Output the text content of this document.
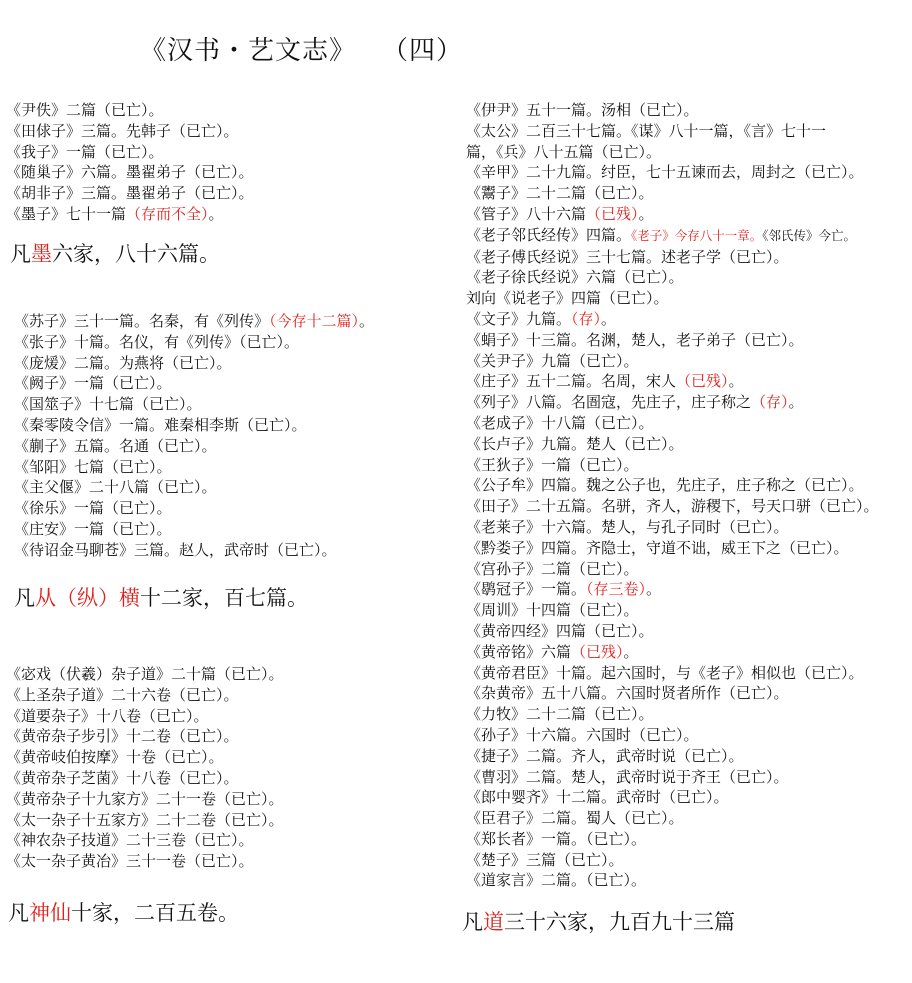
《汉书・艺文志》 （四）
《尹佚》二篇（已亡）。
《田俅子》三篇。先韩子（已亡）。
《我子》一篇（已亡）。
《随巢子》六篇。墨翟弟子（已亡）。
《胡非子》三篇。墨翟弟子（已亡）。
《墨子》七十一篇（存而不全）。
凡墨六家，八十六篇。
《苏子》三十一篇。名秦，有《列传》（今存十二篇）。
《张子》十篇。名仪，有《列传》（已亡）。
《庞煖》二篇。为燕将（已亡）。
《阙子》一篇（已亡）。
《国筮子》十七篇（已亡）。
《秦零陵令信》一篇。难秦相李斯（已亡）。
《蒯子》五篇。名通（已亡）。
《邹阳》七篇（已亡）。
《主父偃》二十八篇（已亡）。
《徐乐》一篇（已亡）。
《庄安》一篇（已亡）。
《待诏金马聊苍》三篇。赵人，武帝时（已亡）。
凡从（纵）横十二家，百七篇。
《宓戏（伏羲）杂子道》二十篇（已亡）。
《上圣杂子道》二十六卷（已亡）。
《道要杂子》十八卷（已亡）。
《黄帝杂子步引》十二卷（已亡）。
《黄帝岐伯按摩》十卷（已亡）。
《黄帝杂子芝菌》十八卷（已亡）。
《黄帝杂子十九家方》二十一卷（已亡）。
《太一杂子十五家方》二十二卷（已亡）。
《神农杂子技道》二十三卷（已亡）。
《太一杂子黄冶》三十一卷（已亡）。
凡神仙十家，二百五卷。
《伊尹》五十一篇。汤相（已亡）。
《太公》二百三十七篇。《谋》八十一篇，《言》七十一
篇，《兵》八十五篇（已亡）。
《辛甲》二十九篇。纣臣，七十五谏而去，周封之（已亡）。
《鬻子》二十二篇（已亡）。
《管子》八十六篇（已残）。
《老子邻氏经传》四篇。《老子》今存八十一章。《邻氏传》今亡。
《老子傅氏经说》三十七篇。述老子学（已亡）。
《老子徐氏经说》六篇（已亡）。
刘向《说老子》四篇（已亡）。
《文子》九篇。（存）。
《蜎子》十三篇。名渊，楚人，老子弟子（已亡）。
《关尹子》九篇（已亡）。
《庄子》五十二篇。名周，宋人（已残）。
《列子》八篇。名圄寇，先庄子，庄子称之（存）。
《老成子》十八篇（已亡）。
《长卢子》九篇。楚人（已亡）。
《王狄子》一篇（已亡）。
《公子牟》四篇。魏之公子也，先庄子，庄子称之（已亡）。
《田子》二十五篇。名骈，齐人，游稷下，号天口骈（已亡）。
《老莱子》十六篇。楚人，与孔子同时（已亡）。
《黔娄子》四篇。齐隐士，守道不诎，威王下之（已亡）。
《宫孙子》二篇（已亡）。
《鹖冠子》一篇。（存三卷）。
《周训》十四篇（已亡）。
《黄帝四经》四篇（已亡）。
《黄帝铭》六篇（已残）。
《黄帝君臣》十篇。起六国时，与《老子》相似也（已亡）。
《杂黄帝》五十八篇。六国时贤者所作（已亡）。
《力牧》二十二篇（已亡）。
《孙子》十六篇。六国时（已亡）。
《捷子》二篇。齐人，武帝时说（已亡）。
《曹羽》二篇。楚人，武帝时说于齐王（已亡）。
《郎中婴齐》十二篇。武帝时（已亡）。
《臣君子》二篇。蜀人（已亡）。
《郑长者》一篇。（已亡）。
《楚子》三篇（已亡）。
《道家言》二篇。（已亡）。
凡道三十六家，九百九十三篇
